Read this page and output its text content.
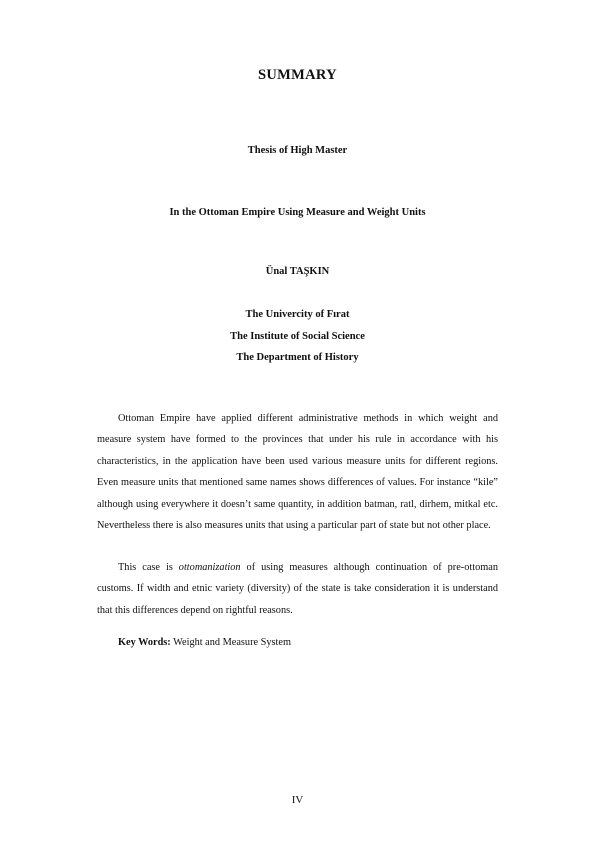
SUMMARY
Thesis of High Master
In the Ottoman Empire Using Measure and Weight Units
Ünal TAŞKIN
The Univercity of Fırat
The Institute of Social Science
The Department of History
Ottoman Empire have applied different administrative methods in which weight and measure system have formed to the provinces that under his rule in accordance with his characteristics, in the application have been used various measure units for different regions. Even measure units that mentioned same names shows differences of values. For instance “kile” although using everywhere it doesn’t same quantity, in addition batman, ratl, dirhem, mitkal etc. Nevertheless there is also measures units that using a particular part of state but not other place.
This case is ottomanization of using measures although continuation of pre-ottoman customs. If width and etnic variety (diversity) of the state is take consideration it is understand that this differences depend on rightful reasons.
Key Words: Weight and Measure System
IV
